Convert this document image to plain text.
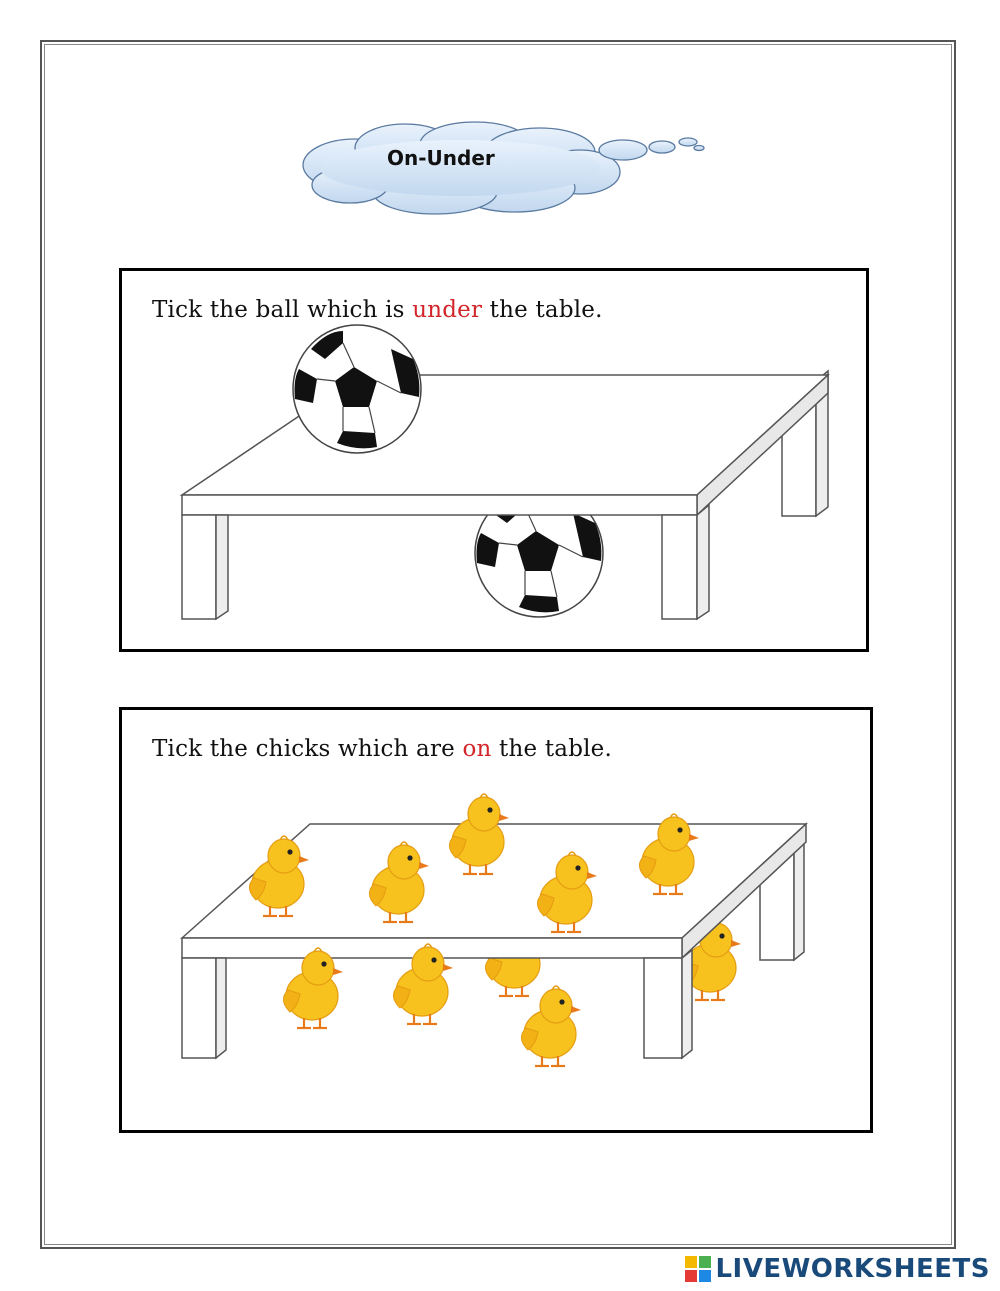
On-Under
Tick the ball which is under the table.
Tick the chicks which are on the table.
LIVEWORKSHEETS
